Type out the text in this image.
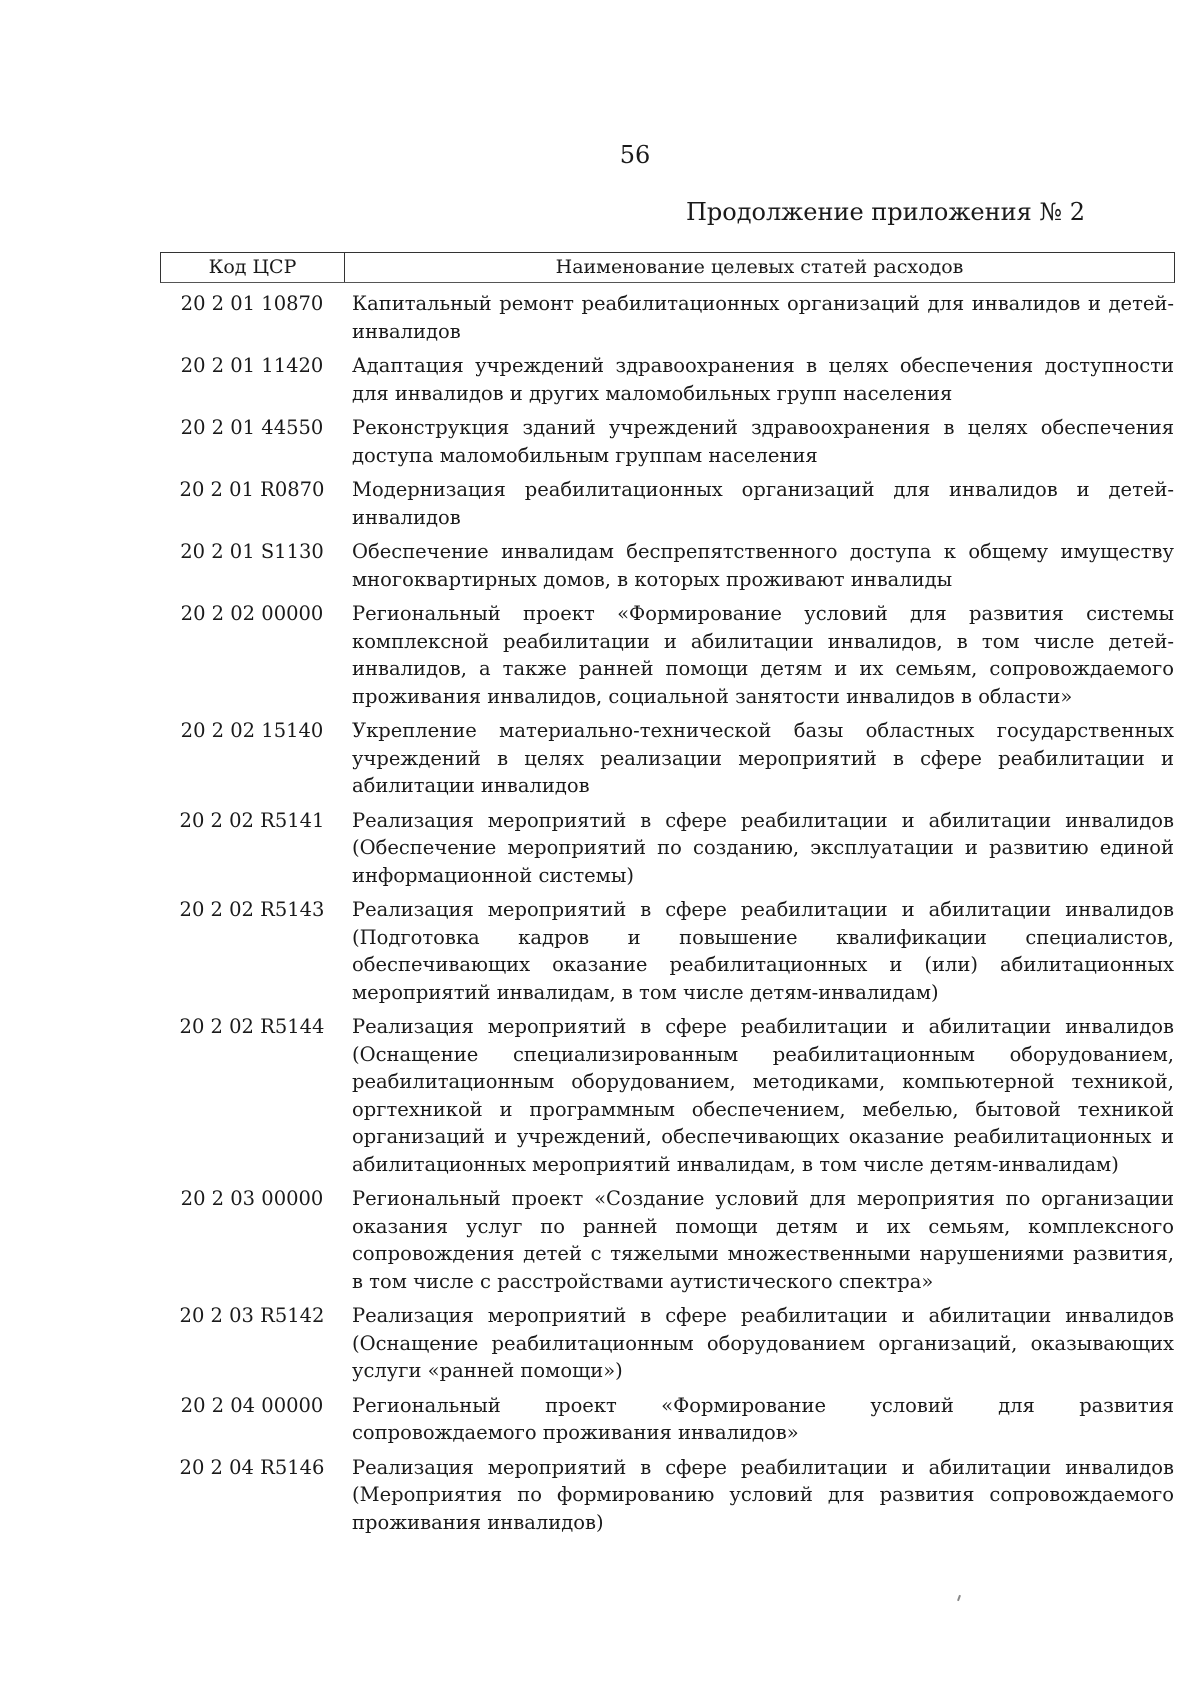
56
Продолжение приложения № 2
Код ЦСР	Наименование целевых статей расходов
20 2 01 10870	Капитальный ремонт реабилитационных организаций для инвалидов и детей-инвалидов
20 2 01 11420	Адаптация учреждений здравоохранения в целях обеспечения доступности для инвалидов и других маломобильных групп населения
20 2 01 44550	Реконструкция зданий учреждений здравоохранения в целях обеспечения доступа маломобильным группам населения
20 2 01 R0870	Модернизация реабилитационных организаций для инвалидов и детей-инвалидов
20 2 01 S1130	Обеспечение инвалидам беспрепятственного доступа к общему имуществу многоквартирных домов, в которых проживают инвалиды
20 2 02 00000	Региональный проект «Формирование условий для развития системы комплексной реабилитации и абилитации инвалидов, в том числе детей-инвалидов, а также ранней помощи детям и их семьям, сопровождаемого проживания инвалидов, социальной занятости инвалидов в области»
20 2 02 15140	Укрепление материально-технической базы областных государственных учреждений в целях реализации мероприятий в сфере реабилитации и абилитации инвалидов
20 2 02 R5141	Реализация мероприятий в сфере реабилитации и абилитации инвалидов (Обеспечение мероприятий по созданию, эксплуатации и развитию единой информационной системы)
20 2 02 R5143	Реализация мероприятий в сфере реабилитации и абилитации инвалидов (Подготовка кадров и повышение квалификации специалистов, обеспечивающих оказание реабилитационных и (или) абилитационных мероприятий инвалидам, в том числе детям-инвалидам)
20 2 02 R5144	Реализация мероприятий в сфере реабилитации и абилитации инвалидов (Оснащение специализированным реабилитационным оборудованием, реабилитационным оборудованием, методиками, компьютерной техникой, оргтехникой и программным обеспечением, мебелью, бытовой техникой организаций и учреждений, обеспечивающих оказание реабилитационных и абилитационных мероприятий инвалидам, в том числе детям-инвалидам)
20 2 03 00000	Региональный проект «Создание условий для мероприятия по организации оказания услуг по ранней помощи детям и их семьям, комплексного сопровождения детей с тяжелыми множественными нарушениями развития, в том числе с расстройствами аутистического спектра»
20 2 03 R5142	Реализация мероприятий в сфере реабилитации и абилитации инвалидов (Оснащение реабилитационным оборудованием организаций, оказывающих услуги «ранней помощи»)
20 2 04 00000	Региональный проект «Формирование условий для развития сопровождаемого проживания инвалидов»
20 2 04 R5146	Реализация мероприятий в сфере реабилитации и абилитации инвалидов (Мероприятия по формированию условий для развития сопровождаемого проживания инвалидов)
